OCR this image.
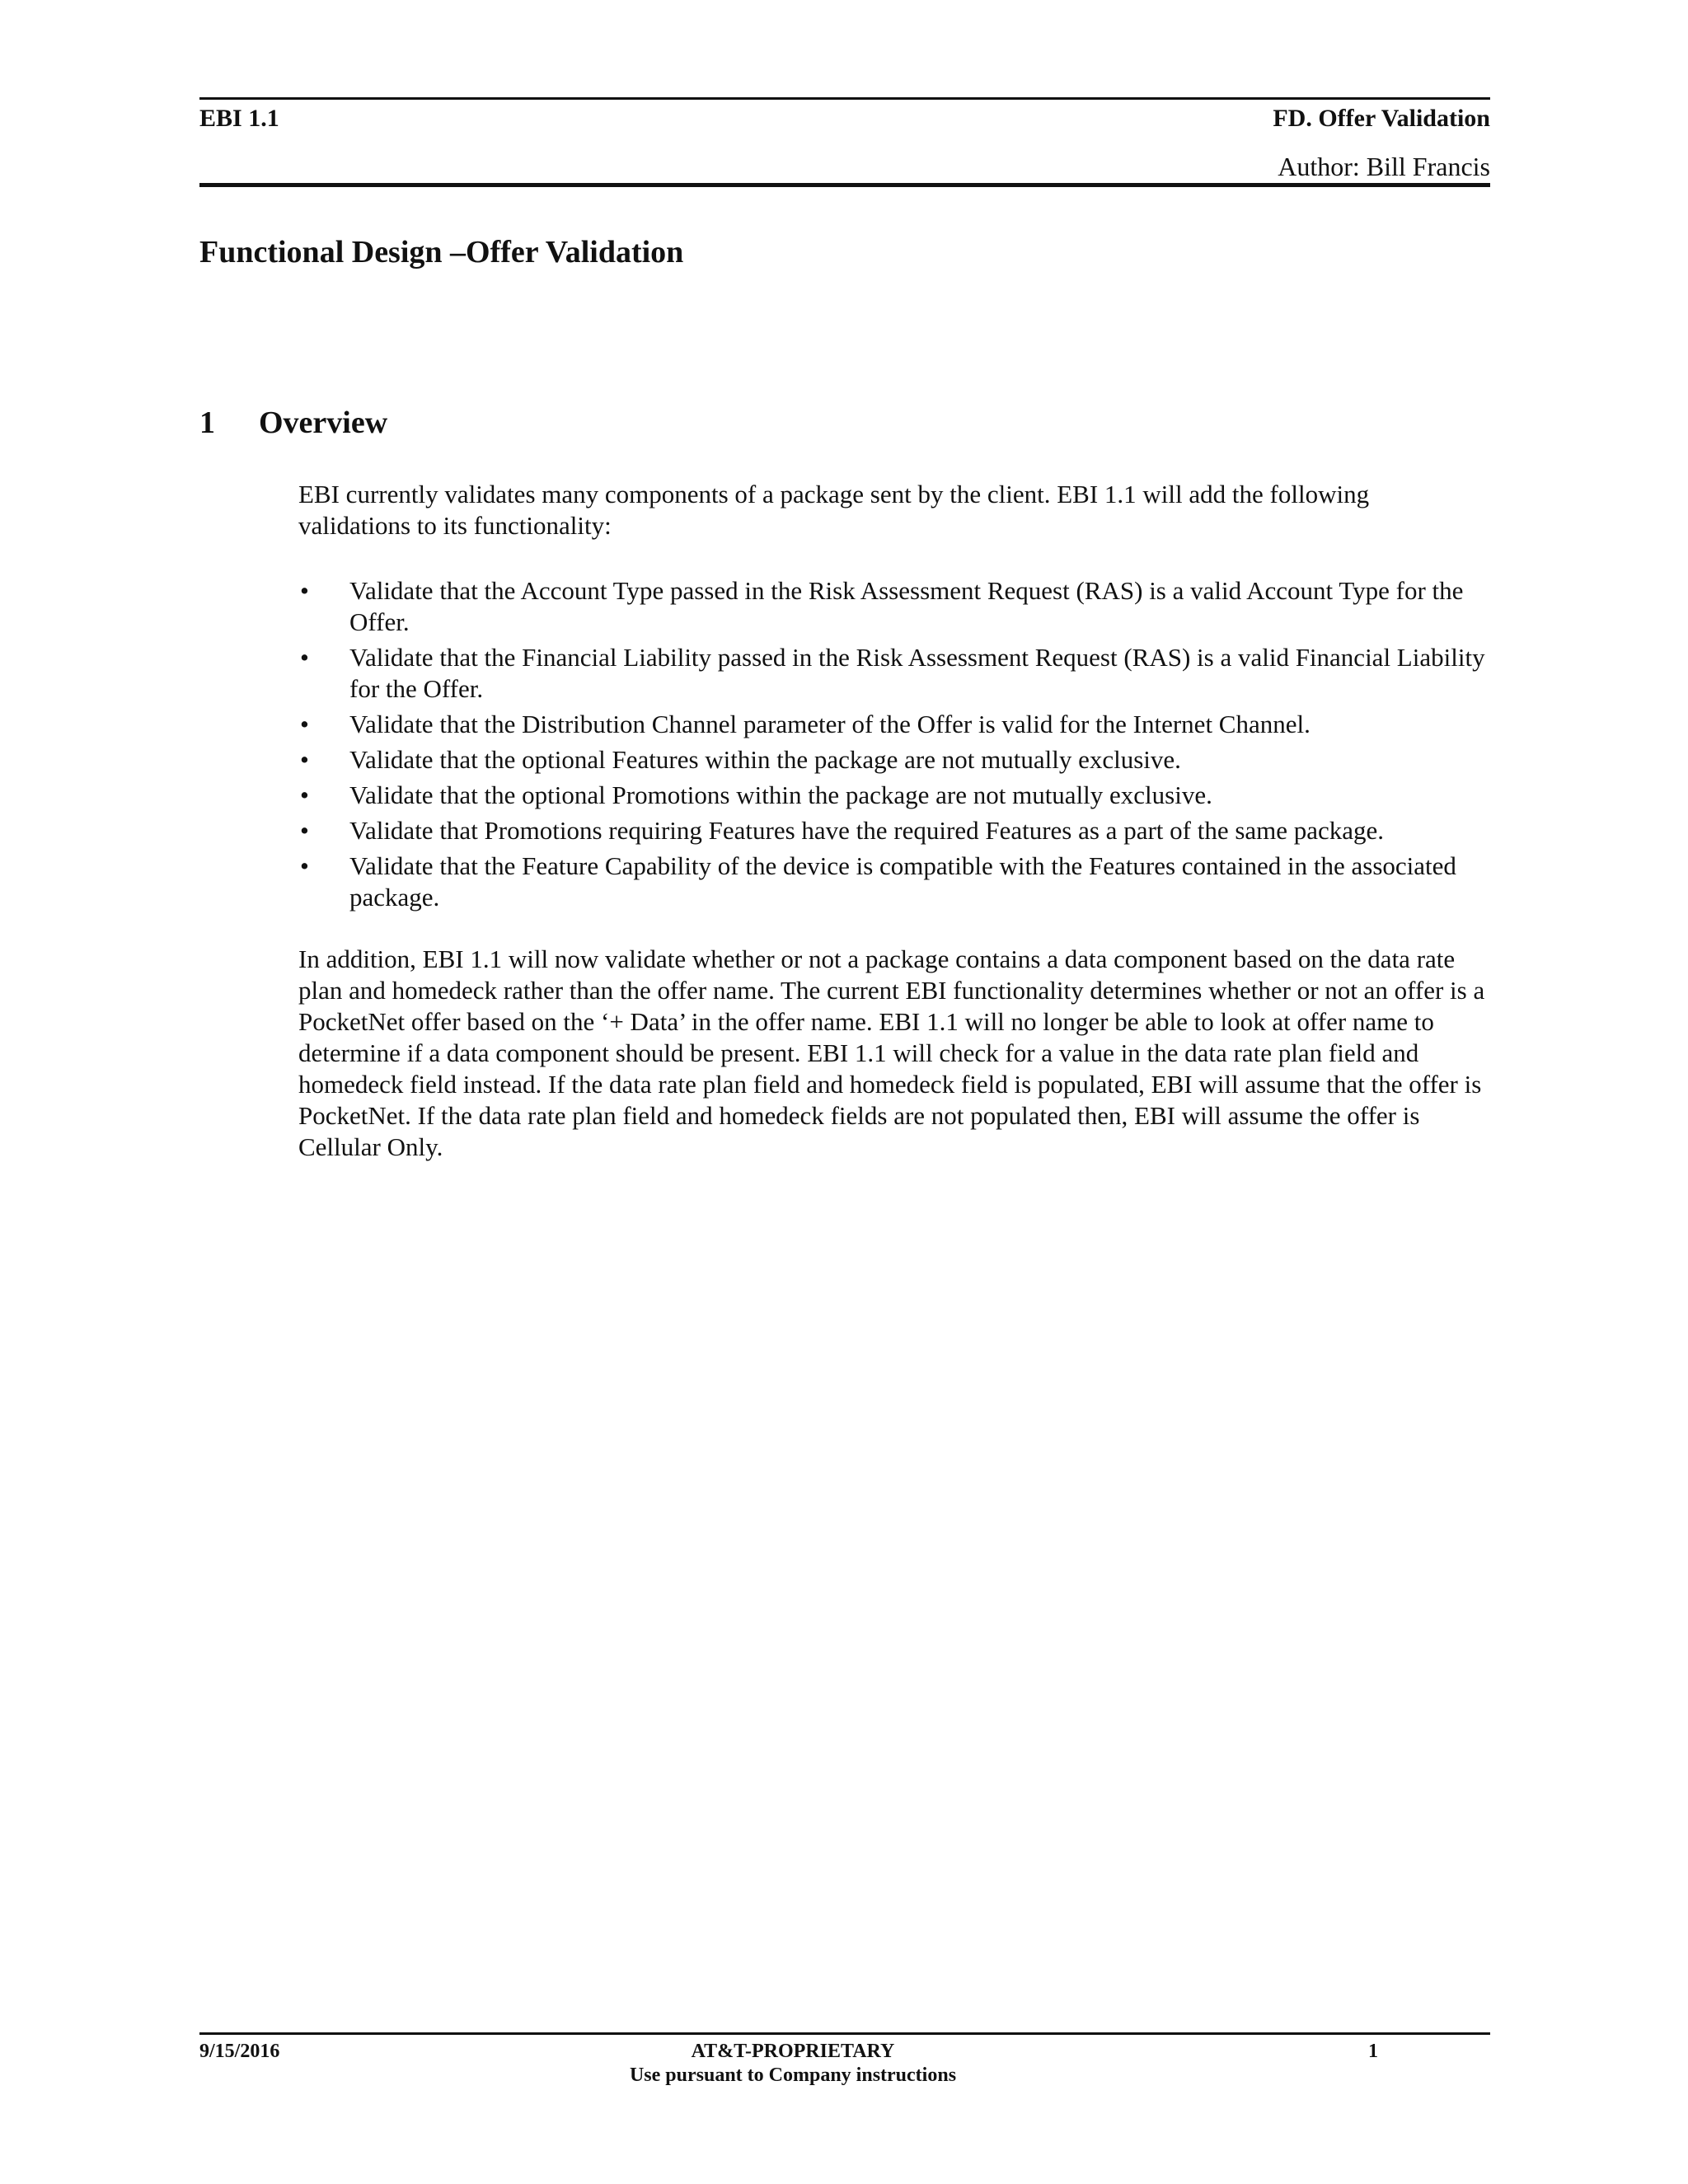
EBI 1.1	FD. Offer Validation
Author: Bill Francis
Functional Design –Offer Validation
1 Overview

EBI currently validates many components of a package sent by the client. EBI 1.1 will add the following validations to its functionality:

•	Validate that the Account Type passed in the Risk Assessment Request (RAS) is a valid Account Type for the Offer.
•	Validate that the Financial Liability passed in the Risk Assessment Request (RAS) is a valid Financial Liability for the Offer.
•	Validate that the Distribution Channel parameter of the Offer is valid for the Internet Channel.
•	Validate that the optional Features within the package are not mutually exclusive.
•	Validate that the optional Promotions within the package are not mutually exclusive.
•	Validate that Promotions requiring Features have the required Features as a part of the same package.
•	Validate that the Feature Capability of the device is compatible with the Features contained in the associated package.

In addition, EBI 1.1 will now validate whether or not a package contains a data component based on the data rate plan and homedeck rather than the offer name. The current EBI functionality determines whether or not an offer is a PocketNet offer based on the ‘+ Data’ in the offer name. EBI 1.1 will no longer be able to look at offer name to determine if a data component should be present. EBI 1.1 will check for a value in the data rate plan field and homedeck field instead. If the data rate plan field and homedeck field is populated, EBI will assume that the offer is PocketNet. If the data rate plan field and homedeck fields are not populated then, EBI will assume the offer is Cellular Only.

9/15/2016	AT&T-PROPRIETARY
Use pursuant to Company instructions
1
